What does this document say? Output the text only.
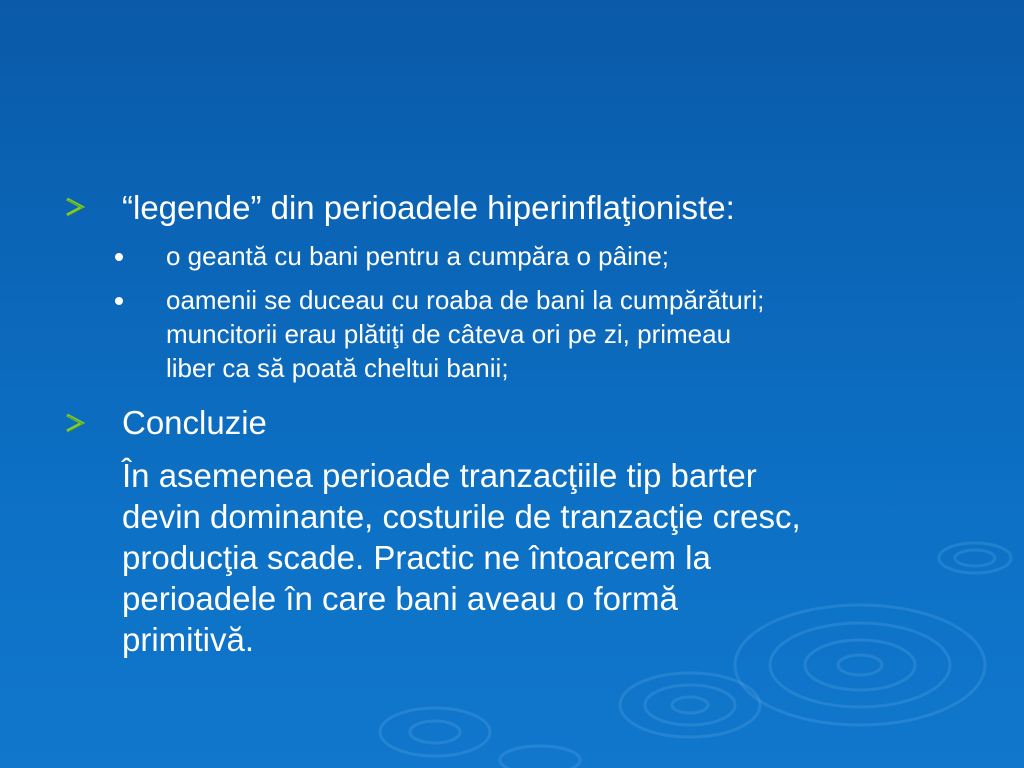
“legende” din perioadele hiperinflaţioniste:
o geantă cu bani pentru a cumpăra o pâine;
oamenii se duceau cu roaba de bani la cumpărături;
muncitorii erau plătiţi de câteva ori pe zi, primeau
liber ca să poată cheltui banii;
Concluzie
În asemenea perioade tranzacţiile tip barter
devin dominante, costurile de tranzacţie cresc,
producţia scade. Practic ne întoarcem la
perioadele în care bani aveau o formă
primitivă.
